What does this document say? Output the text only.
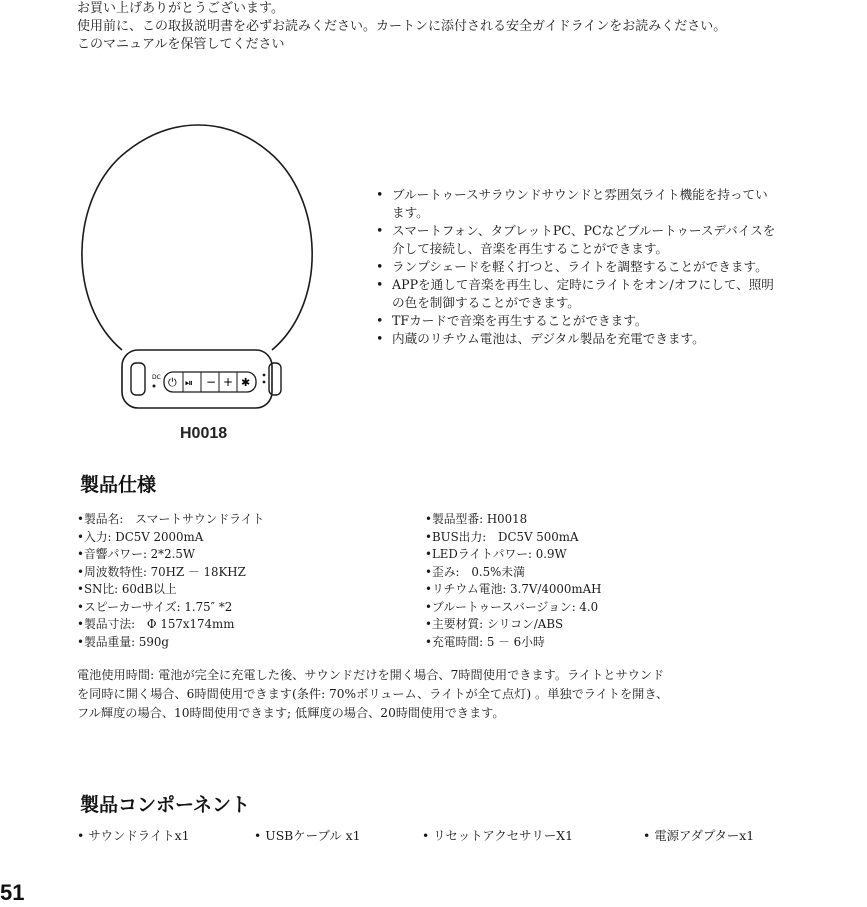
お買い上げありがとうございます。
使用前に、この取扱説明書を必ずお読みください。カートンに添付される安全ガイドラインをお読みください。
このマニュアルを保管してください
DC ⏻ ⏯ − + ✱
H0018
• ブルートゥースサラウンドサウンドと雰囲気ライト機能を持ってい
ます。
• スマートフォン、タブレットPC、PCなどブルートゥースデバイスを
介して接続し、音楽を再生することができます。
• ランプシェードを軽く打つと、ライトを調整することができます。
• APPを通して音楽を再生し、定時にライトをオン/オフにして、照明
の色を制御することができます。
• TFカードで音楽を再生することができます。
• 内蔵のリチウム電池は、デジタル製品を充電できます。
製品仕様
•製品名:　スマートサウンドライト
•入力: DC5V 2000mA
•音響パワー: 2*2.5W
•周波数特性: 70HZ － 18KHZ
•SN比: 60dB以上
•スピーカーサイズ: 1.75″ *2
•製品寸法:　Φ 157x174mm
•製品重量: 590g
•製品型番: H0018
•BUS出力:　DC5V 500mA
•LEDライトパワー: 0.9W
•歪み:　0.5%未満
•リチウム電池: 3.7V/4000mAH
•ブルートゥースバージョン: 4.0
•主要材質: シリコン/ABS
•充電時間: 5 － 6小時
電池使用時間: 電池が完全に充電した後、サウンドだけを開く場合、7時間使用できます。ライトとサウンド
を同時に開く場合、6時間使用できます(条件: 70%ボリューム、ライトが全て点灯) 。単独でライトを開き、
フル輝度の場合、10時間使用できます; 低輝度の場合、20時間使用できます。
製品コンポーネント
• サウンドライトx1	• USBケーブル x1	• リセットアクセサリーX1	• 電源アダプターx1
51
